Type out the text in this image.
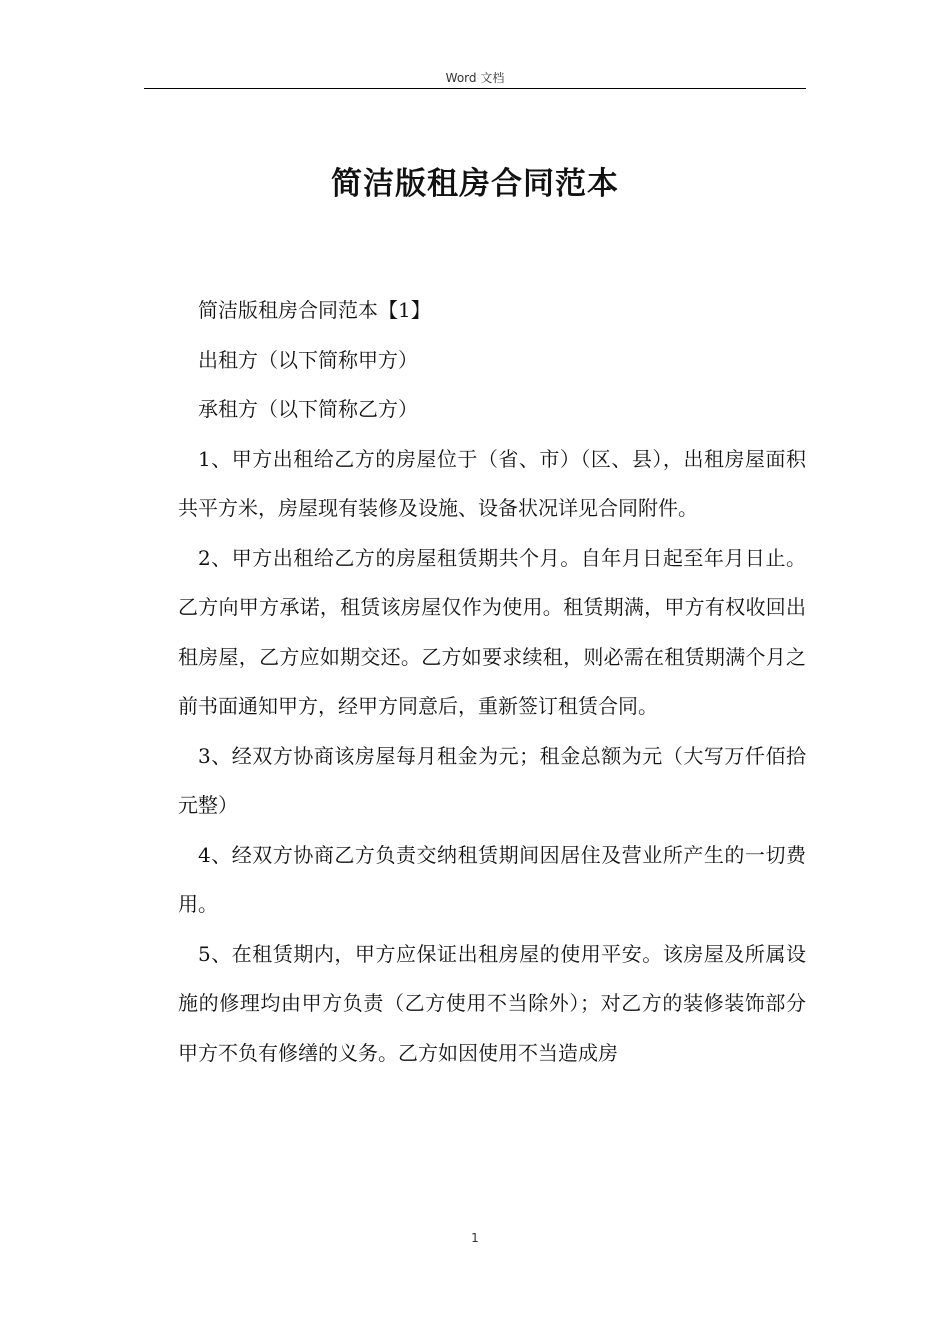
Word 文档
简洁版租房合同范本

简洁版租房合同范本【1】

出租方（以下简称甲方）

承租方（以下简称乙方）

1、甲方出租给乙方的房屋位于（省、市）（区、县），出租房屋面积共平方米，房屋现有装修及设施、设备状况详见合同附件。

2、甲方出租给乙方的房屋租赁期共个月。自年月日起至年月日止。乙方向甲方承诺，租赁该房屋仅作为使用。租赁期满，甲方有权收回出租房屋，乙方应如期交还。乙方如要求续租，则必需在租赁期满个月之前书面通知甲方，经甲方同意后，重新签订租赁合同。

3、经双方协商该房屋每月租金为元；租金总额为元（大写万仟佰拾元整）

4、经双方协商乙方负责交纳租赁期间因居住及营业所产生的一切费用。

5、在租赁期内，甲方应保证出租房屋的使用平安。该房屋及所属设施的修理均由甲方负责（乙方使用不当除外）；对乙方的装修装饰部分甲方不负有修缮的义务。乙方如因使用不当造成房

1
